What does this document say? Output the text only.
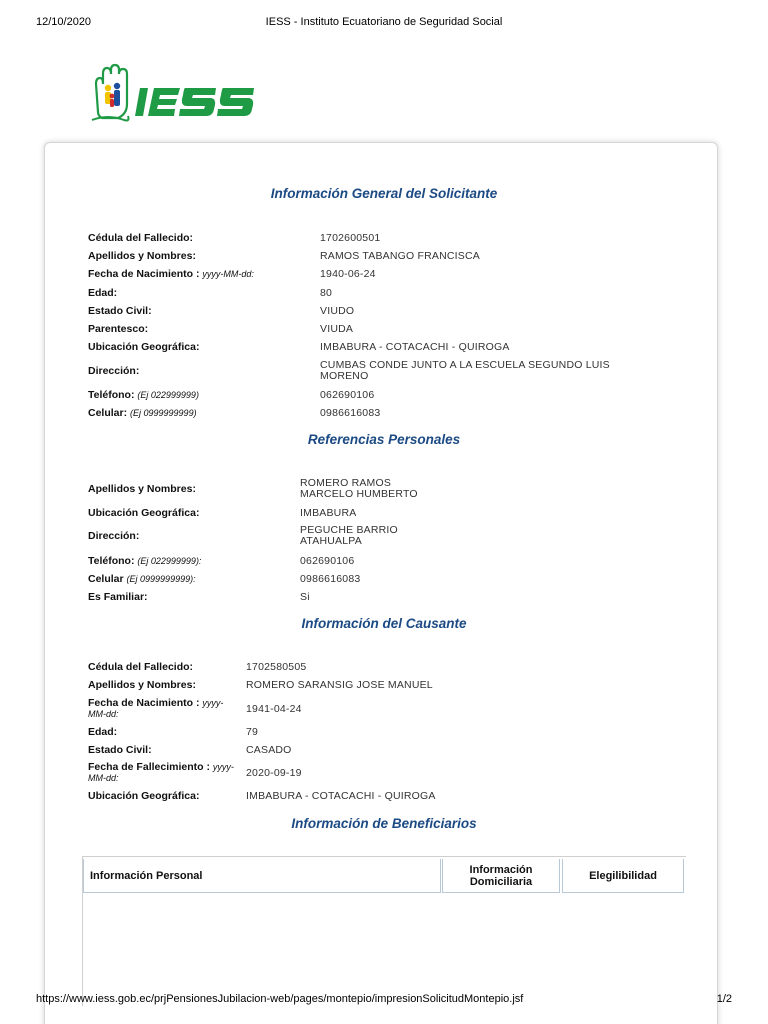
12/10/2020	IESS - Instituto Ecuatoriano de Seguridad Social
Información General del Solicitante
Cédula del Fallecido:	1702600501
Apellidos y Nombres:	RAMOS TABANGO FRANCISCA
Fecha de Nacimiento : yyyy-MM-dd:	1940-06-24
Edad:	80
Estado Civil:	VIUDO
Parentesco:	VIUDA
Ubicación Geográfica:	IMBABURA - COTACACHI - QUIROGA
Dirección:	CUMBAS CONDE JUNTO A LA ESCUELA SEGUNDO LUIS MORENO
Teléfono: (Ej 022999999)	062690106
Celular: (Ej 0999999999)	0986616083
Referencias Personales
Apellidos y Nombres:	ROMERO RAMOS
MARCELO HUMBERTO
Ubicación Geográfica:	IMBABURA
Dirección:	PEGUCHE BARRIO
ATAHUALPA
Teléfono: (Ej 022999999):	062690106
Celular (Ej 0999999999):	0986616083
Es Familiar:	Si
Información del Causante
Cédula del Fallecido:	1702580505
Apellidos y Nombres:	ROMERO SARANSIG JOSE MANUEL
Fecha de Nacimiento : yyyy-MM-dd:	1941-04-24
Edad:	79
Estado Civil:	CASADO
Fecha de Fallecimiento : yyyy-MM-dd:	2020-09-19
Ubicación Geográfica:	IMBABURA - COTACACHI - QUIROGA
Información de Beneficiarios
Información Personal	Información Domiciliaria	Elegilibilidad
https://www.iess.gob.ec/prjPensionesJubilacion-web/pages/montepio/impresionSolicitudMontepio.jsf	1/2
